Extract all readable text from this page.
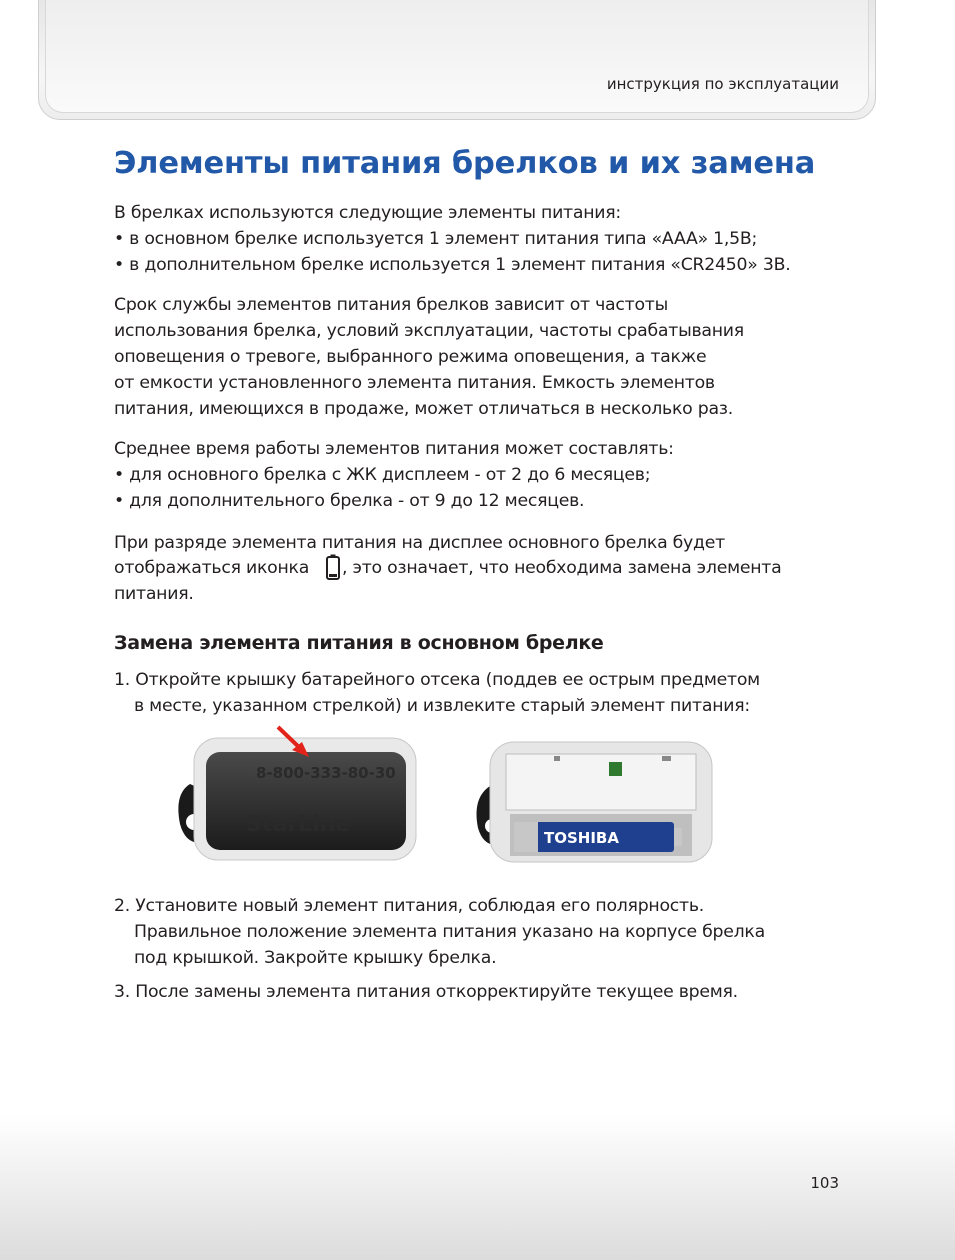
инструкция по эксплуатации
Элементы питания брелков и их замена
В брелках используются следующие элементы питания:
• в основном брелке используется 1 элемент питания типа «AAA» 1,5В;
• в дополнительном брелке используется 1 элемент питания «CR2450» 3В.
Срок службы элементов питания брелков зависит от частоты
использования брелка, условий эксплуатации, частоты срабатывания
оповещения о тревоге, выбранного режима оповещения, а также
от емкости установленного элемента питания. Емкость элементов
питания, имеющихся в продаже, может отличаться в несколько раз.
Среднее время работы элементов питания может составлять:
• для основного брелка с ЖК дисплеем - от 2 до 6 месяцев;
• для дополнительного брелка - от 9 до 12 месяцев.
При разряде элемента питания на дисплее основного брелка будет
отображаться иконка , это означает, что необходима замена элемента
питания.
Замена элемента питания в основном брелке
1. Откройте крышку батарейного отсека (поддев ее острым предметом
в месте, указанном стрелкой) и извлеките старый элемент питания:
8-800-333-80-30
StarLine
TOSHIBA
2. Установите новый элемент питания, соблюдая его полярность.
Правильное положение элемента питания указано на корпусе брелка
под крышкой. Закройте крышку брелка.
3. После замены элемента питания откорректируйте текущее время.
103
